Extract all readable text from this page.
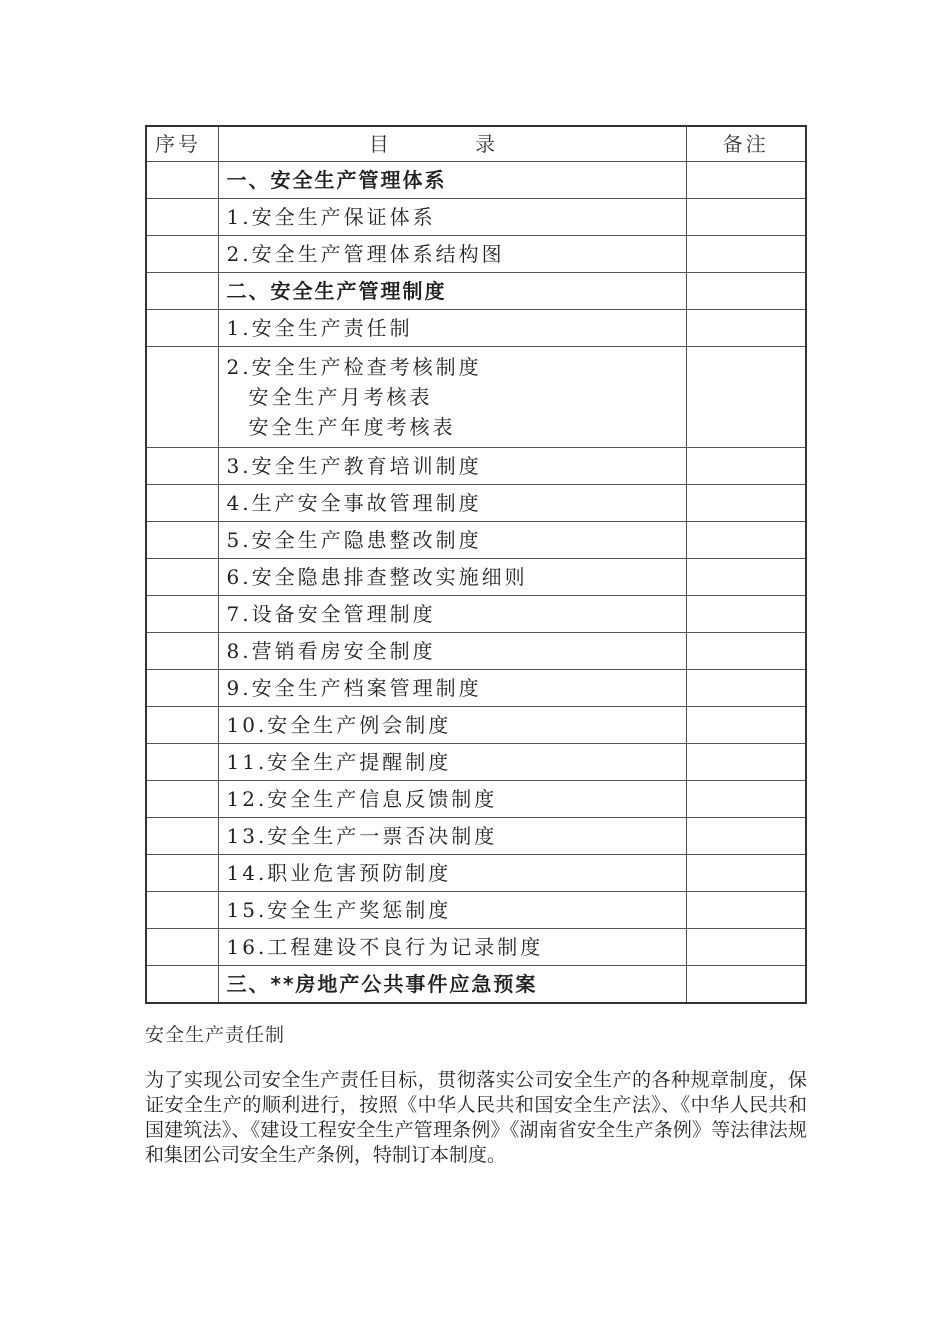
序号	目 录	备注
	一、安全生产管理体系	
	1.安全生产保证体系	
	2.安全生产管理体系结构图	
	二、安全生产管理制度	
	1.安全生产责任制	
	2.安全生产检查考核制度
安全生产月考核表
安全生产年度考核表	

	3.安全生产教育培训制度	
	4.生产安全事故管理制度	
	5.安全生产隐患整改制度	
	6.安全隐患排查整改实施细则	
	7.设备安全管理制度	
	8.营销看房安全制度	
	9.安全生产档案管理制度	
	10.安全生产例会制度	
	11.安全生产提醒制度	
	12.安全生产信息反馈制度	
	13.安全生产一票否决制度	
	14.职业危害预防制度	
	15.安全生产奖惩制度	
	16.工程建设不良行为记录制度	
	三、**房地产公共事件应急预案	
安全生产责任制

为了实现公司安全生产责任目标，贯彻落实公司安全生产的各种规章制度，保证安全生产的顺利进行，按照《中华人民共和国安全生产法》、《中华人民共和国建筑法》、《建设工程安全生产管理条例》《湖南省安全生产条例》等法律法规和集团公司安全生产条例，特制订本制度。
